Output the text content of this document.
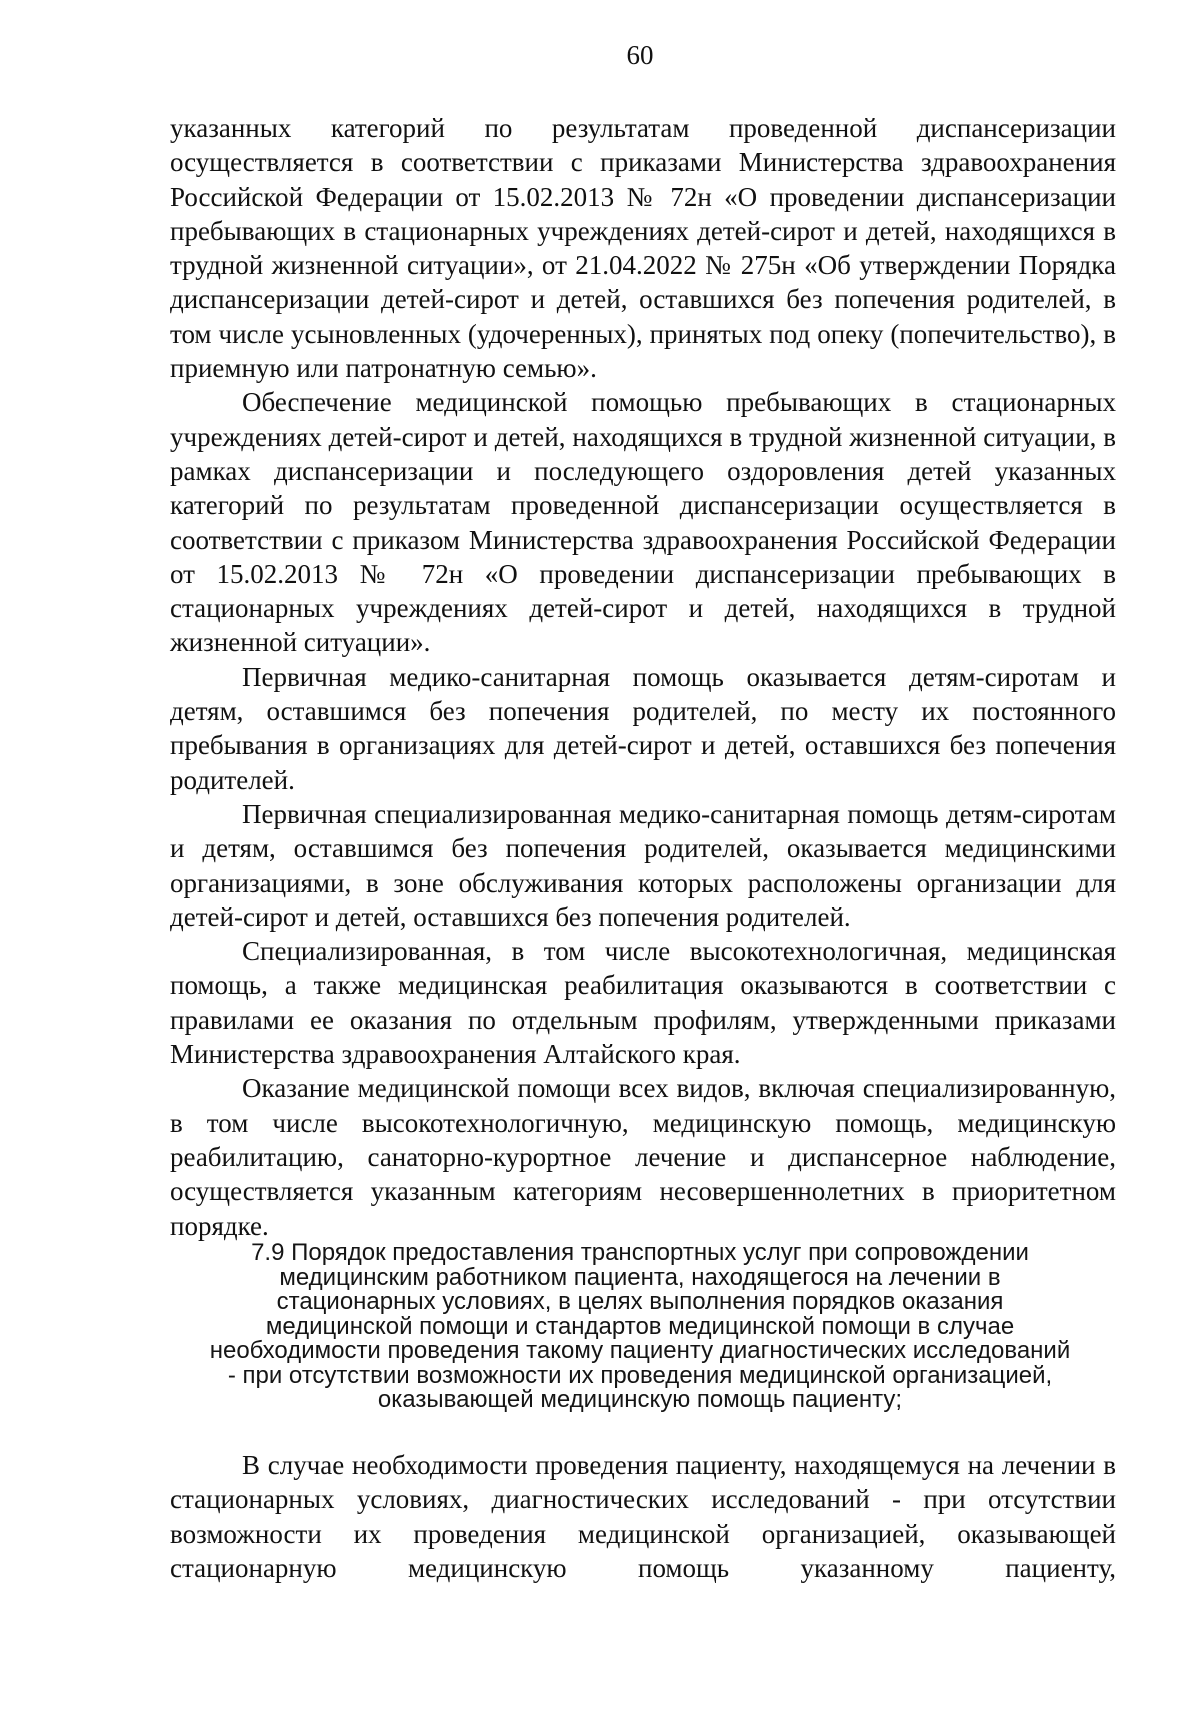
60

указанных категорий по результатам проведенной диспансеризации осуществляется в соответствии с приказами Министерства здравоохранения Российской Федерации от 15.02.2013 № 72н «О проведении диспансеризации пребывающих в стационарных учреждениях детей-сирот и детей, находящихся в трудной жизненной ситуации», от 21.04.2022 № 275н «Об утверждении Порядка диспансеризации детей-сирот и детей, оставшихся без попечения родителей, в том числе усыновленных (удочеренных), принятых под опеку (попечительство), в приемную или патронатную семью».

Обеспечение медицинской помощью пребывающих в стационарных учреждениях детей-сирот и детей, находящихся в трудной жизненной ситуации, в рамках диспансеризации и последующего оздоровления детей указанных категорий по результатам проведенной диспансеризации осуществляется в соответствии с приказом Министерства здравоохранения Российской Федерации от 15.02.2013 № 72н «О проведении диспансеризации пребывающих в стационарных учреждениях детей-сирот и детей, находящихся в трудной жизненной ситуации».

Первичная медико-санитарная помощь оказывается детям-сиротам и детям, оставшимся без попечения родителей, по месту их постоянного пребывания в организациях для детей-сирот и детей, оставшихся без попечения родителей.

Первичная специализированная медико-санитарная помощь детям-сиротам и детям, оставшимся без попечения родителей, оказывается медицинскими организациями, в зоне обслуживания которых расположены организации для детей-сирот и детей, оставшихся без попечения родителей.

Специализированная, в том числе высокотехнологичная, медицинская помощь, а также медицинская реабилитация оказываются в соответствии с правилами ее оказания по отдельным профилям, утвержденными приказами Министерства здравоохранения Алтайского края.

Оказание медицинской помощи всех видов, включая специализированную, в том числе высокотехнологичную, медицинскую помощь, медицинскую реабилитацию, санаторно-курортное лечение и диспансерное наблюдение, осуществляется указанным категориям несовершеннолетних в приоритетном порядке.

7.9 Порядок предоставления транспортных услуг при сопровождении
медицинским работником пациента, находящегося на лечении в
стационарных условиях, в целях выполнения порядков оказания
медицинской помощи и стандартов медицинской помощи в случае
необходимости проведения такому пациенту диагностических исследований
- при отсутствии возможности их проведения медицинской организацией,
оказывающей медицинскую помощь пациенту;

В случае необходимости проведения пациенту, находящемуся на лечении в стационарных условиях, диагностических исследований - при отсутствии возможности их проведения медицинской организацией, оказывающей стационарную медицинскую помощь указанному пациенту,
